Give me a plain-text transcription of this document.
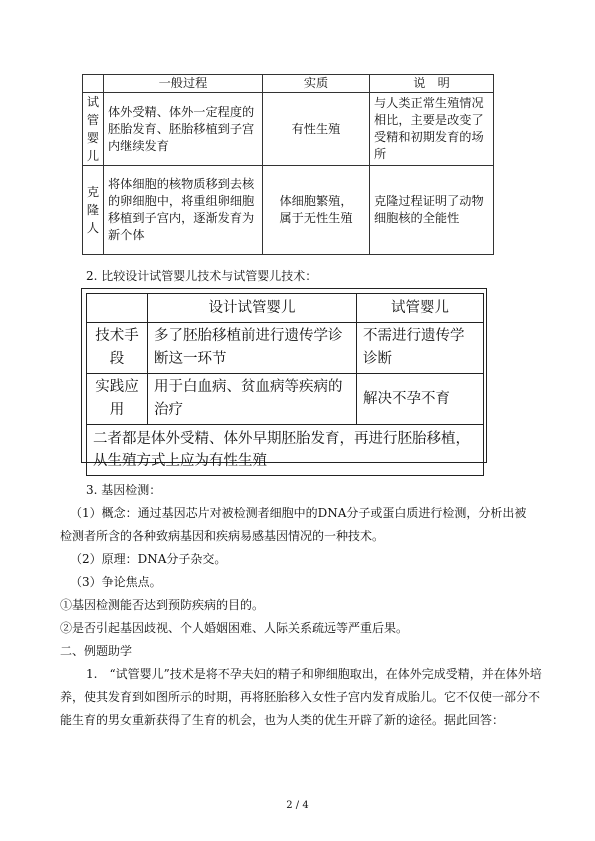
	一般过程	实质	说　明
试管婴儿	体外受精、体外一定程度的胚胎发育、胚胎移植到子宫内继续发育	有性生殖	与人类正常生殖情况相比，主要是改变了受精和初期发育的场所
克隆人	将体细胞的核物质移到去核的卵细胞中，将重组卵细胞移植到子宫内，逐渐发育为新个体	体细胞繁殖，属于无性生殖	克隆过程证明了动物细胞核的全能性
2. 比较设计试管婴儿技术与试管婴儿技术：
	设计试管婴儿	试管婴儿
技术手段	多了胚胎移植前进行遗传学诊断这一环节	不需进行遗传学诊断
实践应用	用于白血病、贫血病等疾病的治疗	解决不孕不育
二者都是体外受精、体外早期胚胎发育，再进行胚胎移植，从生殖方式上应为有性生殖		
3. 基因检测：
（1）概念：通过基因芯片对被检测者细胞中的DNA分子或蛋白质进行检测，分析出被
检测者所含的各种致病基因和疾病易感基因情况的一种技术。
（2）原理：DNA分子杂交。
（3）争论焦点。
①基因检测能否达到预防疾病的目的。
②是否引起基因歧视、个人婚姻困难、人际关系疏远等严重后果。
二、例题助学
1.　“试管婴儿”技术是将不孕夫妇的精子和卵细胞取出，在体外完成受精，并在体外培
养，使其发育到如图所示的时期，再将胚胎移入女性子宫内发育成胎儿。它不仅使一部分不
能生育的男女重新获得了生育的机会，也为人类的优生开辟了新的途径。据此回答：
2 / 4
